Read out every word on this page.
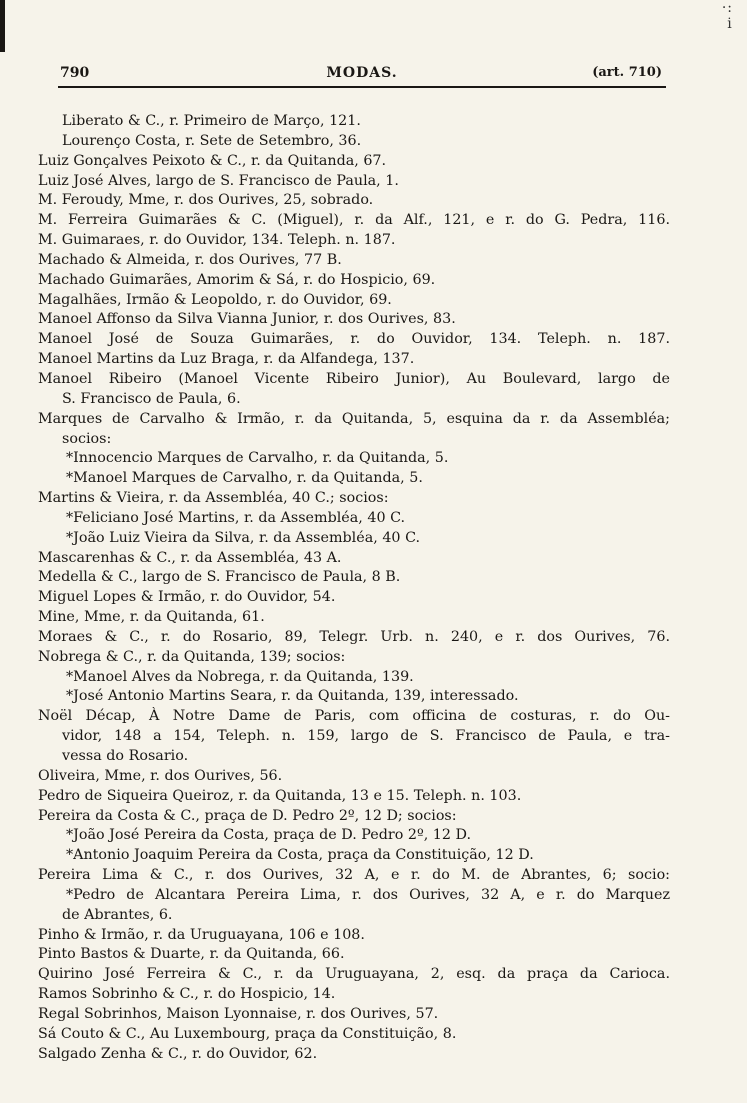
·:
i
790	MODAS.	(art. 710)
Liberato & C., r. Primeiro de Março, 121.
Lourenço Costa, r. Sete de Setembro, 36.
Luiz Gonçalves Peixoto & C., r. da Quitanda, 67.
Luiz José Alves, largo de S. Francisco de Paula, 1.
M. Feroudy, Mme, r. dos Ourives, 25, sobrado.
M. Ferreira Guimarães & C. (Miguel), r. da Alf., 121, e r. do G. Pedra, 116.
M. Guimaraes, r. do Ouvidor, 134. Teleph. n. 187.
Machado & Almeida, r. dos Ourives, 77 B.
Machado Guimarães, Amorim & Sá, r. do Hospicio, 69.
Magalhães, Irmão & Leopoldo, r. do Ouvidor, 69.
Manoel Affonso da Silva Vianna Junior, r. dos Ourives, 83.
Manoel José de Souza Guimarães, r. do Ouvidor, 134. Teleph. n. 187.
Manoel Martins da Luz Braga, r. da Alfandega, 137.
Manoel Ribeiro (Manoel Vicente Ribeiro Junior), Au Boulevard, largo de
S. Francisco de Paula, 6.
Marques de Carvalho & Irmão, r. da Quitanda, 5, esquina da r. da Assembléa;
socios:
*Innocencio Marques de Carvalho, r. da Quitanda, 5.
*Manoel Marques de Carvalho, r. da Quitanda, 5.
Martins & Vieira, r. da Assembléa, 40 C.; socios:
*Feliciano José Martins, r. da Assembléa, 40 C.
*João Luiz Vieira da Silva, r. da Assembléa, 40 C.
Mascarenhas & C., r. da Assembléa, 43 A.
Medella & C., largo de S. Francisco de Paula, 8 B.
Miguel Lopes & Irmão, r. do Ouvidor, 54.
Mine, Mme, r. da Quitanda, 61.
Moraes & C., r. do Rosario, 89, Telegr. Urb. n. 240, e r. dos Ourives, 76.
Nobrega & C., r. da Quitanda, 139; socios:
*Manoel Alves da Nobrega, r. da Quitanda, 139.
*José Antonio Martins Seara, r. da Quitanda, 139, interessado.
Noël Décap, À Notre Dame de Paris, com officina de costuras, r. do Ou-
vidor, 148 a 154, Teleph. n. 159, largo de S. Francisco de Paula, e tra-
vessa do Rosario.
Oliveira, Mme, r. dos Ourives, 56.
Pedro de Siqueira Queiroz, r. da Quitanda, 13 e 15. Teleph. n. 103.
Pereira da Costa & C., praça de D. Pedro 2º, 12 D; socios:
*João José Pereira da Costa, praça de D. Pedro 2º, 12 D.
*Antonio Joaquim Pereira da Costa, praça da Constituição, 12 D.
Pereira Lima & C., r. dos Ourives, 32 A, e r. do M. de Abrantes, 6; socio:
*Pedro de Alcantara Pereira Lima, r. dos Ourives, 32 A, e r. do Marquez
de Abrantes, 6.
Pinho & Irmão, r. da Uruguayana, 106 e 108.
Pinto Bastos & Duarte, r. da Quitanda, 66.
Quirino José Ferreira & C., r. da Uruguayana, 2, esq. da praça da Carioca.
Ramos Sobrinho & C., r. do Hospicio, 14.
Regal Sobrinhos, Maison Lyonnaise, r. dos Ourives, 57.
Sá Couto & C., Au Luxembourg, praça da Constituição, 8.
Salgado Zenha & C., r. do Ouvidor, 62.
